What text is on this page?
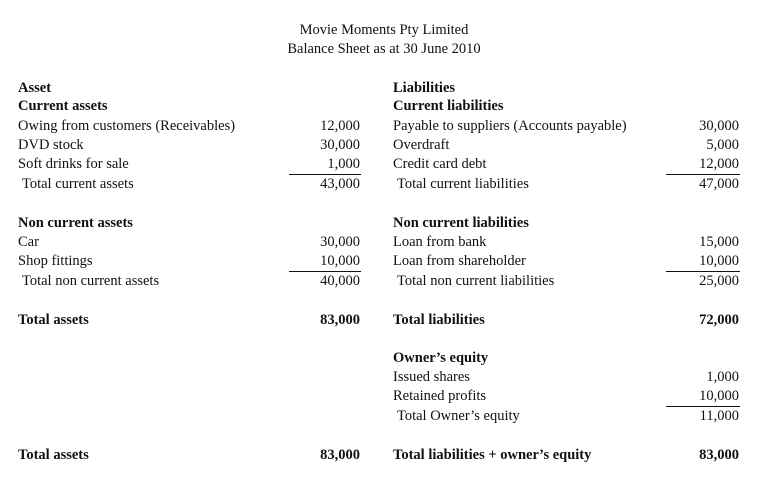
Movie Moments Pty Limited
Balance Sheet as at 30 June 2010
Asset
Current assets
Owing from customers (Receivables)	12,000
DVD stock	30,000
Soft drinks for sale	1,000
Total current assets	43,000
Non current assets
Car	30,000
Shop fittings	10,000
Total non current assets	40,000
Total assets	83,000
Liabilities
Current liabilities
Payable to suppliers (Accounts payable)	30,000
Overdraft	5,000
Credit card debt	12,000
Total current liabilities	47,000
Non current liabilities
Loan from bank	15,000
Loan from shareholder	10,000
Total non current liabilities	25,000
Total liabilities	72,000
Owner’s equity
Issued shares	1,000
Retained profits	10,000
Total Owner’s equity	11,000
Total assets	83,000 Total liabilities + owner’s equity	83,000
